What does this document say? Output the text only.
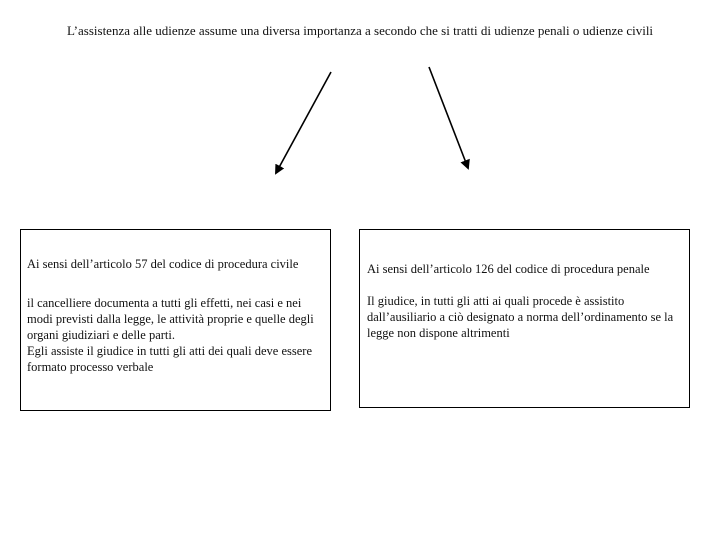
L’assistenza alle udienze assume una diversa importanza a secondo che si tratti di udienze penali o udienze civili

Ai sensi dell’articolo 57 del codice di procedura civile

il cancelliere documenta a tutti gli effetti, nei casi e nei modi previsti dalla legge, le attività proprie e quelle degli organi giudiziari e delle parti.

Egli assiste il giudice in tutti gli atti dei quali deve essere formato processo verbale

Ai sensi dell’articolo 126 del codice di procedura penale

Il giudice, in tutti gli atti ai quali procede è assistito dall’ausiliario a ciò designato a norma dell’ordinamento se la legge non dispone altrimenti
